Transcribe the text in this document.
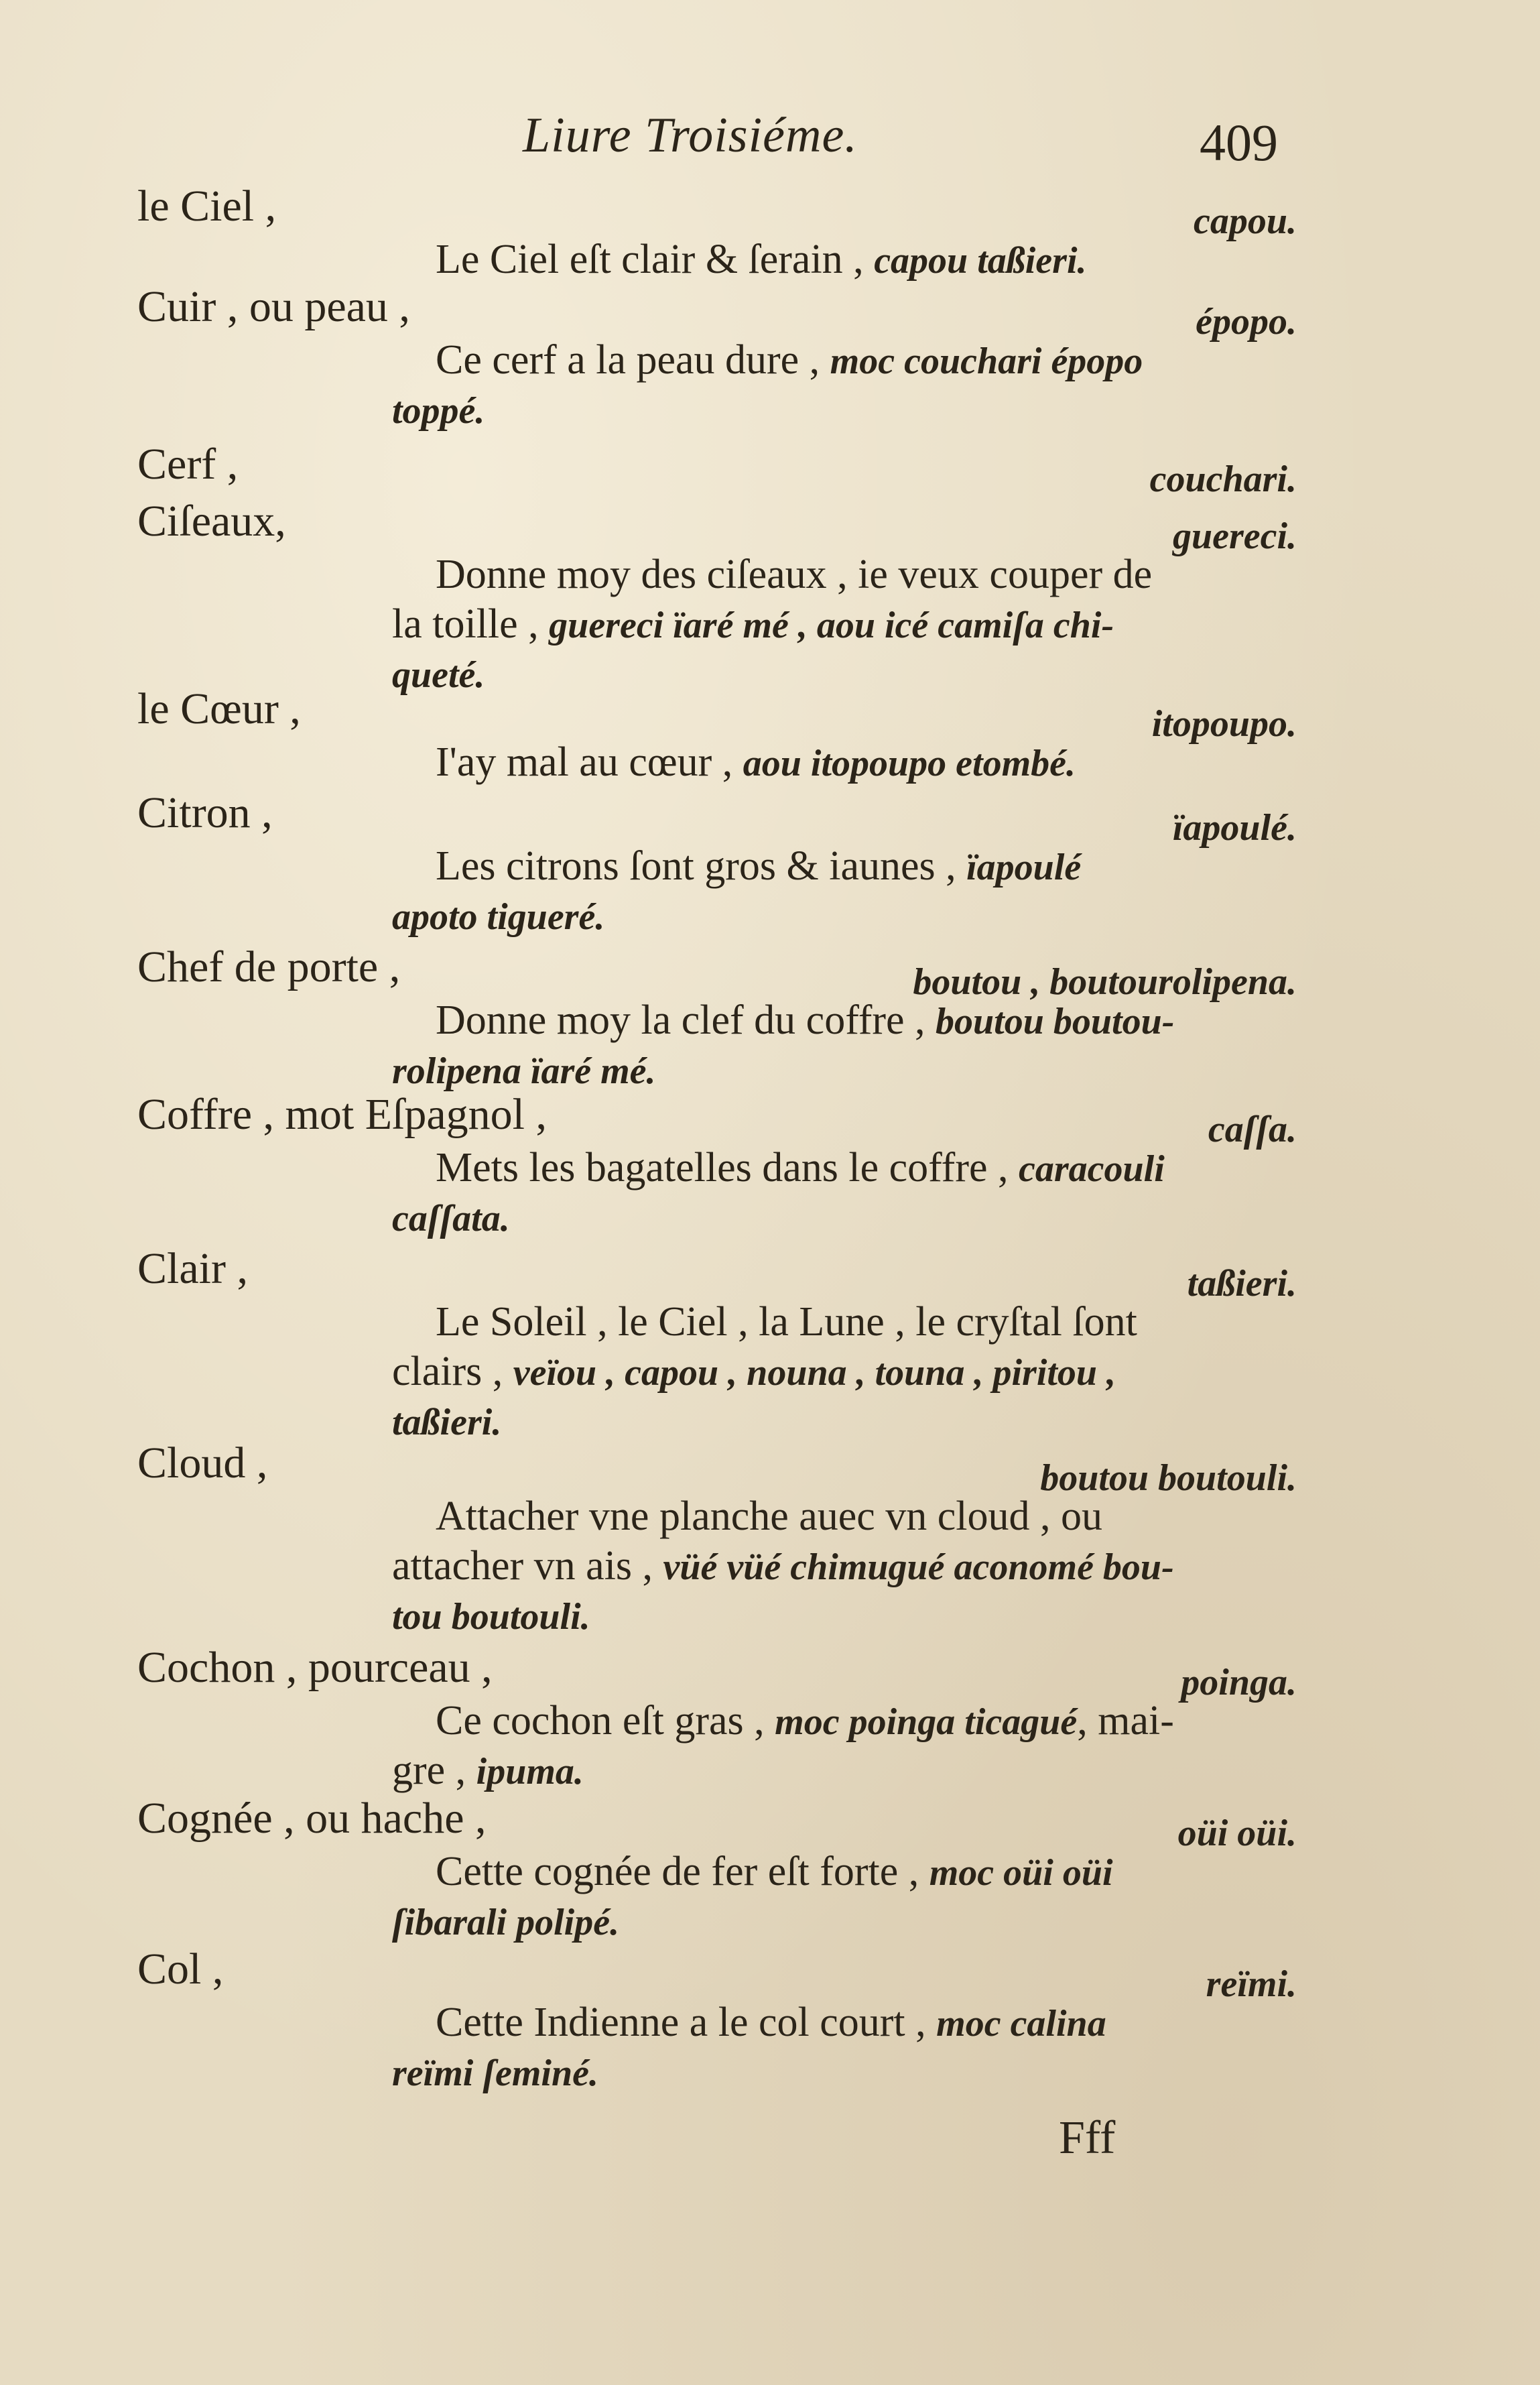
Liure Troisiéme.	409
le Ciel ,	capou.
Le Ciel eſt clair & ſerain , capou taßieri.
Cuir , ou peau ,	épopo.
Ce cerf a la peau dure , moc couchari épopo
toppé.
Cerf ,	couchari.
Ciſeaux,	guereci.
Donne moy des ciſeaux , ie veux couper de
la toille , guereci ïaré mé , aou icé camiſa chi-
queté.
le Cœur ,	itopoupo.
I'ay mal au cœur , aou itopoupo etombé.
Citron ,	ïapoulé.
Les citrons ſont gros & iaunes , ïapoulé
apoto tigueré.
Chef de porte ,	boutou , boutourolipena.
Donne moy la clef du coffre , boutou boutou-
rolipena ïaré mé.
Coffre , mot Eſpagnol ,	caſſa.
Mets les bagatelles dans le coffre , caracouli
caſſata.
Clair ,	taßieri.
Le Soleil , le Ciel , la Lune , le cryſtal ſont
clairs , veïou , capou , nouna , touna , piritou ,
taßieri.
Cloud ,	boutou boutouli.
Attacher vne planche auec vn cloud , ou
attacher vn ais , vüé vüé chimugué aconomé bou-
tou boutouli.
Cochon , pourceau ,	poinga.
Ce cochon eſt gras , moc poinga ticagué, mai-
gre , ipuma.
Cognée , ou hache ,	oüi oüi.
Cette cognée de fer eſt forte , moc oüi oüi
ſibarali polipé.
Col ,	reïmi.
Cette Indienne a le col court , moc calina
reïmi ſeminé.
Fff
